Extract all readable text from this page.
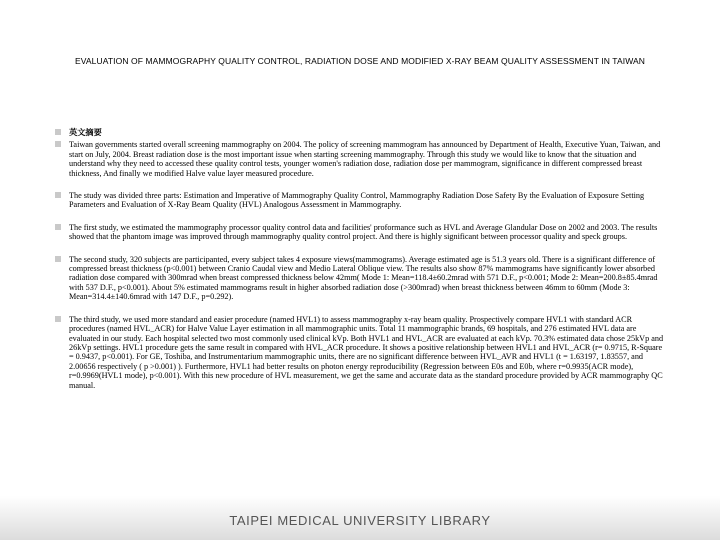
EVALUATION OF MAMMOGRAPHY QUALITY CONTROL, RADIATION DOSE AND MODIFIED X-RAY BEAM QUALITY ASSESSMENT IN TAIWAN
英文摘要
Taiwan governments started overall screening mammography on 2004. The policy of screening mammogram has announced by Department of Health, Executive Yuan, Taiwan, and start on July, 2004. Breast radiation dose is the most important issue when starting screening mammography. Through this study we would like to know that the situation and understand why they need to accessed these quality control tests, younger women's radiation dose, radiation dose per mammogram, significance in different compressed breast thickness, And finally we modified Halve value layer measured procedure.
The study was divided three parts: Estimation and Imperative of Mammography Quality Control, Mammography Radiation Dose Safety By the Evaluation of Exposure Setting Parameters and Evaluation of X-Ray Beam Quality (HVL) Analogous Assessment in Mammography.
The first study, we estimated the mammography processor quality control data and facilities' proformance such as HVL and Average Glandular Dose on 2002 and 2003. The results showed that the phantom image was improved through mammography quality control project. And there is highly significant between processor quality and speck groups.
The second study, 320 subjects are participanted, every subject takes 4 exposure views(mammograms). Average estimated age is 51.3 years old. There is a significant difference of compressed breast thickness (p<0.001) between Cranio Caudal view and Medio Lateral Oblique view. The results also show 87% mammograms have significantly lower absorbed radiation dose compared with 300mrad when breast compressed thickness below 42mm( Mode 1: Mean=118.4±60.2mrad with 571 D.F., p<0.001; Mode 2: Mean=200.8±85.4mrad with 537 D.F., p<0.001). About 5% estimated mammograms result in higher absorbed radiation dose (>300mrad) when breast thickness between 46mm to 60mm (Mode 3: Mean=314.4±140.6mrad with 147 D.F., p=0.292).
The third study, we used more standard and easier procedure (named HVL1) to assess mammography x-ray beam quality. Prospectively compare HVL1 with standard ACR procedures (named HVL_ACR) for Halve Value Layer estimation in all mammographic units. Total 11 mammographic brands, 69 hospitals, and 276 estimated HVL data are evaluated in our study. Each hospital selected two most commonly used clinical kVp. Both HVL1 and HVL_ACR are evaluated at each kVp. 70.3% estimated data chose 25kVp and 26kVp settings. HVL1 procedure gets the same result in compared with HVL_ACR procedure. It shows a positive relationship between HVL1 and HVL_ACR (r= 0.9715, R-Square = 0.9437, p<0.001). For GE, Toshiba, and Instrumentarium mammographic units, there are no significant difference between HVL_AVR and HVL1 (t = 1.63197, 1.83557, and 2.00656 respectively ( p >0.001) ). Furthermore, HVL1 had better results on photon energy reproducibility (Regression between E0s and E0b, where r=0.9935(ACR mode), r=0.9969(HVL1 mode), p<0.001). With this new procedure of HVL measurement, we get the same and accurate data as the standard procedure provided by ACR mammography QC manual.
TAIPEI MEDICAL UNIVERSITY LIBRARY
